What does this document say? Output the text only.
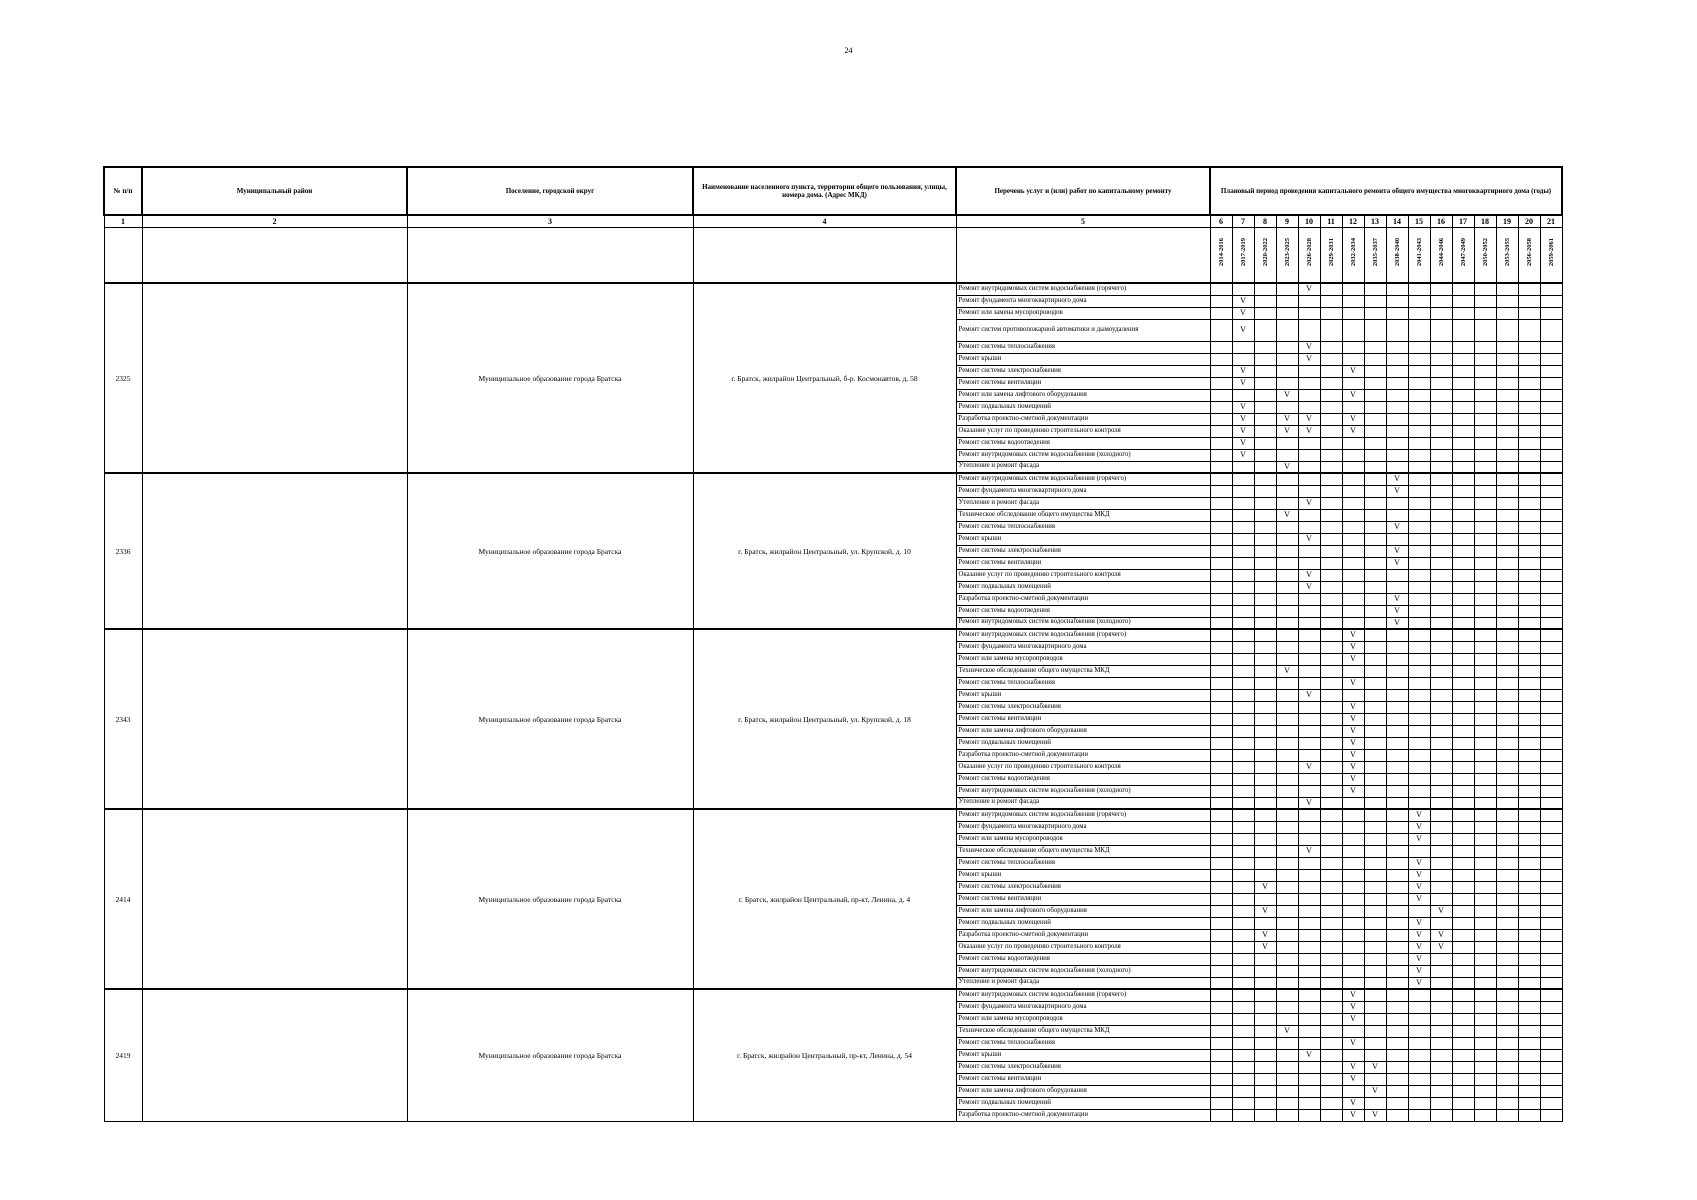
24
№ п/п	Муниципальный район	Поселение, городской округ	Наименование населенного пункта, территории общего пользования, улицы, номера дома. (Адрес МКД)	Перечень услуг и (или) работ по капитальному ремонту	Плановый период проведения капитального ремонта общего имущества многоквартирного дома (годы)															
1	2	3	4	5	6	7	8	9	10	11	12	13	14	15	16	17	18	19	20	21
					2014-2016	2017-2019	2020-2022	2023-2025	2026-2028	2029-2031	2032-2034	2035-2037	2038-2040	2041-2043	2044-2046	2047-2049	2050-2052	2053-2055	2056-2058	2059-2061
2325		Муниципальное образование города Братска	г. Братск, жилрайон Центральный, б-р. Космонавтов, д. 58	Ремонт внутридомовых систем водоснабжения (горячего)					V											
				Ремонт фундамента многоквартирного дома		V														
				Ремонт или замена мусоропроводов		V														
				Ремонт систем противопожарной автоматики и дымоудаления		V														
				Ремонт системы теплоснабжения					V											
				Ремонт крыши					V											
				Ремонт системы электроснабжения		V					V									
				Ремонт системы вентиляции		V														
				Ремонт или замена лифтового оборудования				V			V									
				Ремонт подвальных помещений		V														
				Разработка проектно-сметной документации		V		V	V		V									
				Оказание услуг по проведению строительного контроля		V		V	V		V									
				Ремонт системы водоотведения		V														
				Ремонт внутридомовых систем водоснабжения (холодного)		V														
				Утепление и ремонт фасада				V												
2336		Муниципальное образование города Братска	г. Братск, жилрайон Центральный, ул. Крупской, д. 10	Ремонт внутридомовых систем водоснабжения (горячего)									V							
				Ремонт фундамента многоквартирного дома									V							
				Утепление и ремонт фасада					V											
				Техническое обследование общего имущества МКД				V												
				Ремонт системы теплоснабжения									V							
				Ремонт крыши					V											
				Ремонт системы электроснабжения									V							
				Ремонт системы вентиляции									V							
				Оказание услуг по проведению строительного контроля					V											
				Ремонт подвальных помещений					V											
				Разработка проектно-сметной документации									V							
				Ремонт системы водоотведения									V							
				Ремонт внутридомовых систем водоснабжения (холодного)									V							
2343		Муниципальное образование города Братска	г. Братск, жилрайон Центральный, ул. Крупской, д. 18	Ремонт внутридомовых систем водоснабжения (горячего)							V									
				Ремонт фундамента многоквартирного дома							V									
				Ремонт или замена мусоропроводов							V									
				Техническое обследование общего имущества МКД				V												
				Ремонт системы теплоснабжения							V									
				Ремонт крыши					V											
				Ремонт системы электроснабжения							V									
				Ремонт системы вентиляции							V									
				Ремонт или замена лифтового оборудования							V									
				Ремонт подвальных помещений							V									
				Разработка проектно-сметной документации							V									
				Оказание услуг по проведению строительного контроля					V		V									
				Ремонт системы водоотведения							V									
				Ремонт внутридомовых систем водоснабжения (холодного)							V									
				Утепление и ремонт фасада					V											
2414		Муниципальное образование города Братска	г. Братск, жилрайон Центральный, пр-кт, Ленина, д. 4	Ремонт внутридомовых систем водоснабжения (горячего)										V						
				Ремонт фундамента многоквартирного дома										V						
				Ремонт или замена мусоропроводов										V						
				Техническое обследование общего имущества МКД					V											
				Ремонт системы теплоснабжения										V						
				Ремонт крыши										V						
				Ремонт системы электроснабжения			V							V						
				Ремонт системы вентиляции										V						
				Ремонт или замена лифтового оборудования			V								V					
				Ремонт подвальных помещений										V						
				Разработка проектно-сметной документации			V							V	V					
				Оказание услуг по проведению строительного контроля			V							V	V					
				Ремонт системы водоотведения										V						
				Ремонт внутридомовых систем водоснабжения (холодного)										V						
				Утепление и ремонт фасада										V						
2419		Муниципальное образование города Братска	г. Братск, жилрайон Центральный, пр-кт, Ленина, д. 54	Ремонт внутридомовых систем водоснабжения (горячего)							V									
				Ремонт фундамента многоквартирного дома							V									
				Ремонт или замена мусоропроводов							V									
				Техническое обследование общего имущества МКД				V												
				Ремонт системы теплоснабжения							V									
				Ремонт крыши					V											
				Ремонт системы электроснабжения							V	V								
				Ремонт системы вентиляции							V									
				Ремонт или замена лифтового оборудования								V								
				Ремонт подвальных помещений							V									
				Разработка проектно-сметной документации							V	V								
